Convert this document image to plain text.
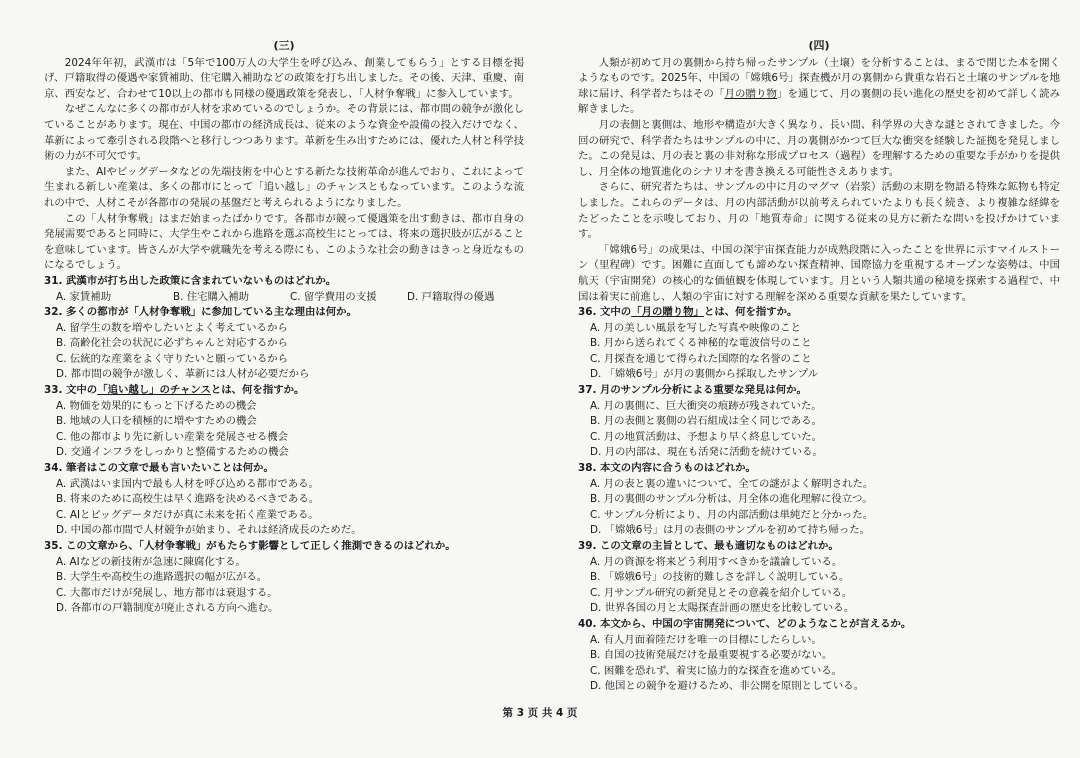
(三)

2024年年初，武漢市は「5年で100万人の大学生を呼び込み、創業してもらう」とする目標を掲げ、戸籍取得の優遇や家賃補助、住宅購入補助などの政策を打ち出しました。その後、天津、重慶、南京、西安など、合わせて10以上の都市も同様の優遇政策を発表し、「人材争奪戦」に参入しています。

なぜこんなに多くの都市が人材を求めているのでしょうか。その背景には、都市間の競争が激化していることがあります。現在、中国の都市の経済成長は、従来のような資金や設備の投入だけでなく、革新によって牽引される段階へと移行しつつあります。革新を生み出すためには、優れた人材と科学技術の力が不可欠です。

また、AIやビッグデータなどの先端技術を中心とする新たな技術革命が進んでおり、これによって生まれる新しい産業は、多くの都市にとって「追い越し」のチャンスともなっています。このような流れの中で、人材こそが各都市の発展の基盤だと考えられるようになりました。

この「人材争奪戦」はまだ始まったばかりです。各都市が競って優遇策を出す動きは、都市自身の発展需要であると同時に、大学生やこれから進路を選ぶ高校生にとっては、将来の選択肢が広がることを意味しています。皆さんが大学や就職先を考える際にも、このような社会の動きはきっと身近なものになるでしょう。

31. 武漢市が打ち出した政策に含まれていないものはどれか。

A. 家賃補助	B. 住宅購入補助	C. 留学費用の支援	D. 戸籍取得の優遇

32. 多くの都市が「人材争奪戦」に参加している主な理由は何か。

A. 留学生の数を増やしたいとよく考えているから

B. 高齢化社会の状況に必ずちゃんと対応するから

C. 伝統的な産業をよく守りたいと願っているから

D. 都市間の競争が激しく、革新には人材が必要だから

33. 文中の「追い越し」のチャンスとは、何を指すか。

A. 物価を効果的にもっと下げるための機会

B. 地域の人口を積極的に増やすための機会

C. 他の都市より先に新しい産業を発展させる機会

D. 交通インフラをしっかりと整備するための機会

34. 筆者はこの文章で最も言いたいことは何か。

A. 武漢はいま国内で最も人材を呼び込める都市である。

B. 将来のために高校生は早く進路を決めるべきである。

C. AIとビッグデータだけが真に未来を拓く産業である。

D. 中国の都市間で人材競争が始まり、それは経済成長のためだ。

35. この文章から、「人材争奪戦」がもたらす影響として正しく推測できるのはどれか。

A. AIなどの新技術が急速に陳腐化する。

B. 大学生や高校生の進路選択の幅が広がる。

C. 大都市だけが発展し、地方都市は衰退する。

D. 各都市の戸籍制度が廃止される方向へ進む。

(四)

人類が初めて月の裏側から持ち帰ったサンプル（土壌）を分析することは、まるで閉じた本を開くようなものです。2025年、中国の「嫦娥6号」探査機が月の裏側から貴重な岩石と土壌のサンプルを地球に届け、科学者たちはその「月の贈り物」を通じて、月の裏側の長い進化の歴史を初めて詳しく読み解きました。

月の表側と裏側は、地形や構造が大きく異なり、長い間、科学界の大きな謎とされてきました。今回の研究で、科学者たちはサンプルの中に、月の裏側がかつて巨大な衝突を経験した証拠を発見しました。この発見は、月の表と裏の非対称な形成プロセス（過程）を理解するための重要な手がかりを提供し、月全体の地質進化のシナリオを書き換える可能性さえあります。

さらに、研究者たちは、サンプルの中に月のマグマ（岩浆）活動の末期を物語る特殊な鉱物も特定しました。これらのデータは、月の内部活動が以前考えられていたよりも長く続き、より複雑な経緯をたどったことを示唆しており、月の「地質寿命」に関する従来の見方に新たな問いを投げかけています。

「嫦娥6号」の成果は、中国の深宇宙探査能力が成熟段階に入ったことを世界に示すマイルストーン（里程碑）です。困難に直面しても諦めない探査精神、国際協力を重視するオープンな姿勢は、中国航天（宇宙開発）の核心的な価値観を体現しています。月という人類共通の秘境を探索する過程で、中国は着実に前進し、人類の宇宙に対する理解を深める重要な貢献を果たしています。

36. 文中の「月の贈り物」とは、何を指すか。

A. 月の美しい風景を写した写真や映像のこと

B. 月から送られてくる神秘的な電波信号のこと

C. 月探査を通じて得られた国際的な名誉のこと

D. 「嫦娥6号」が月の裏側から採取したサンプル

37. 月のサンプル分析による重要な発見は何か。

A. 月の裏側に、巨大衝突の痕跡が残されていた。

B. 月の表側と裏側の岩石組成は全く同じである。

C. 月の地質活動は、予想より早く終息していた。

D. 月の内部は、現在も活発に活動を続けている。

38. 本文の内容に合うものはどれか。

A. 月の表と裏の違いについて、全ての謎がよく解明された。

B. 月の裏側のサンプル分析は、月全体の進化理解に役立つ。

C. サンプル分析により、月の内部活動は単純だと分かった。

D. 「嫦娥6号」は月の表側のサンプルを初めて持ち帰った。

39. この文章の主旨として、最も適切なものはどれか。

A. 月の資源を将来どう利用すべきかを議論している。

B. 「嫦娥6号」の技術的難しさを詳しく説明している。

C. 月サンプル研究の新発見とその意義を紹介している。

D. 世界各国の月と太陽探査計画の歴史を比較している。

40. 本文から、中国の宇宙開発について、どのようなことが言えるか。

A. 有人月面着陸だけを唯一の目標にしたらしい。

B. 自国の技術発展だけを最重要視する必要がない。

C. 困難を恐れず、着実に協力的な探査を進めている。

D. 他国との競争を避けるため、非公開を原則としている。

第 3 页 共 4 页
